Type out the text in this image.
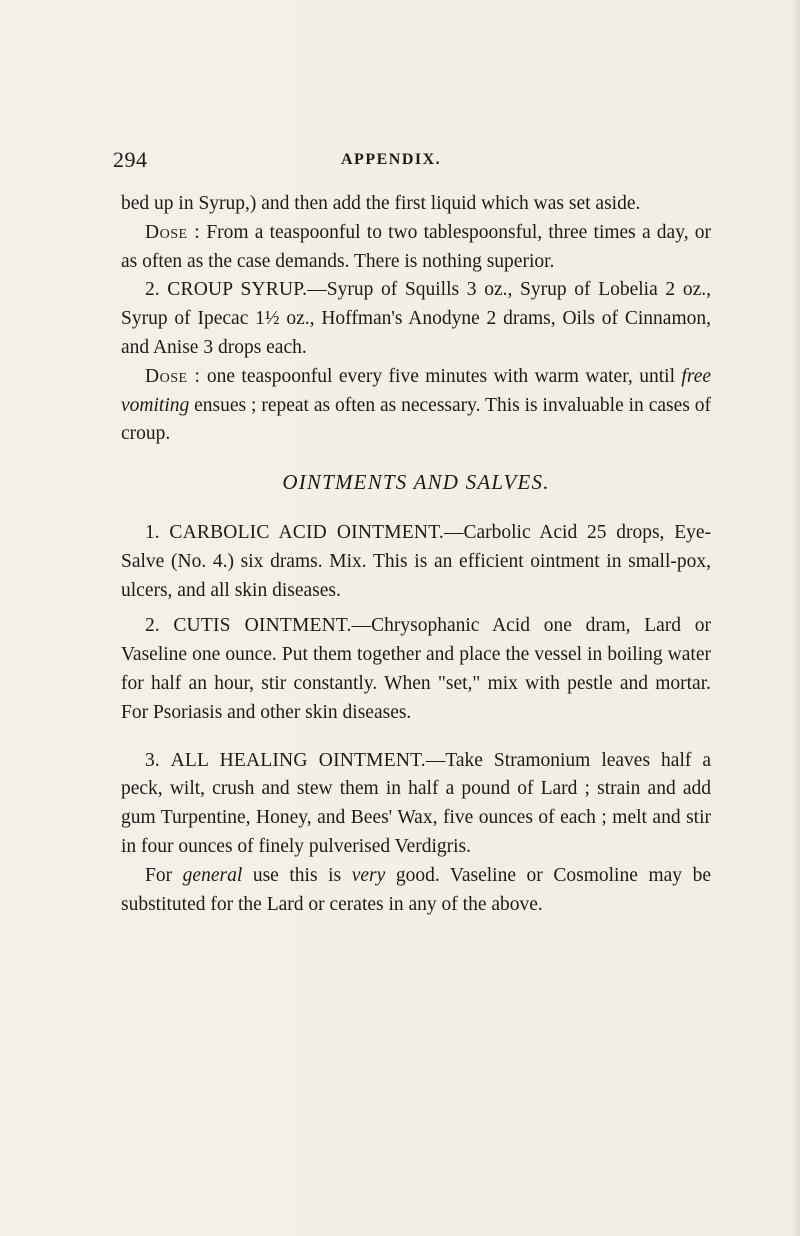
294	APPENDIX.

bed up in Syrup,) and then add the first liquid which was set aside.

Dose : From a teaspoonful to two tablespoonsful, three times a day, or as often as the case demands. There is nothing superior.

2. CROUP SYRUP.—Syrup of Squills 3 oz., Syrup of Lobelia 2 oz., Syrup of Ipecac 1½ oz., Hoffman's Anodyne 2 drams, Oils of Cinnamon, and Anise 3 drops each.

Dose : one teaspoonful every five minutes with warm water, until free vomiting ensues ; repeat as often as necessary. This is invaluable in cases of croup.

OINTMENTS AND SALVES.

1. CARBOLIC ACID OINTMENT.—Carbolic Acid 25 drops, Eye-Salve (No. 4.) six drams. Mix. This is an efficient ointment in small-pox, ulcers, and all skin diseases.

2. CUTIS OINTMENT.—Chrysophanic Acid one dram, Lard or Vaseline one ounce. Put them together and place the vessel in boiling water for half an hour, stir constantly. When "set," mix with pestle and mortar. For Psoriasis and other skin diseases.

3. ALL HEALING OINTMENT.—Take Stramonium leaves half a peck, wilt, crush and stew them in half a pound of Lard ; strain and add gum Turpentine, Honey, and Bees' Wax, five ounces of each ; melt and stir in four ounces of finely pulverised Verdigris.

For general use this is very good. Vaseline or Cosmoline may be substituted for the Lard or cerates in any of the above.
